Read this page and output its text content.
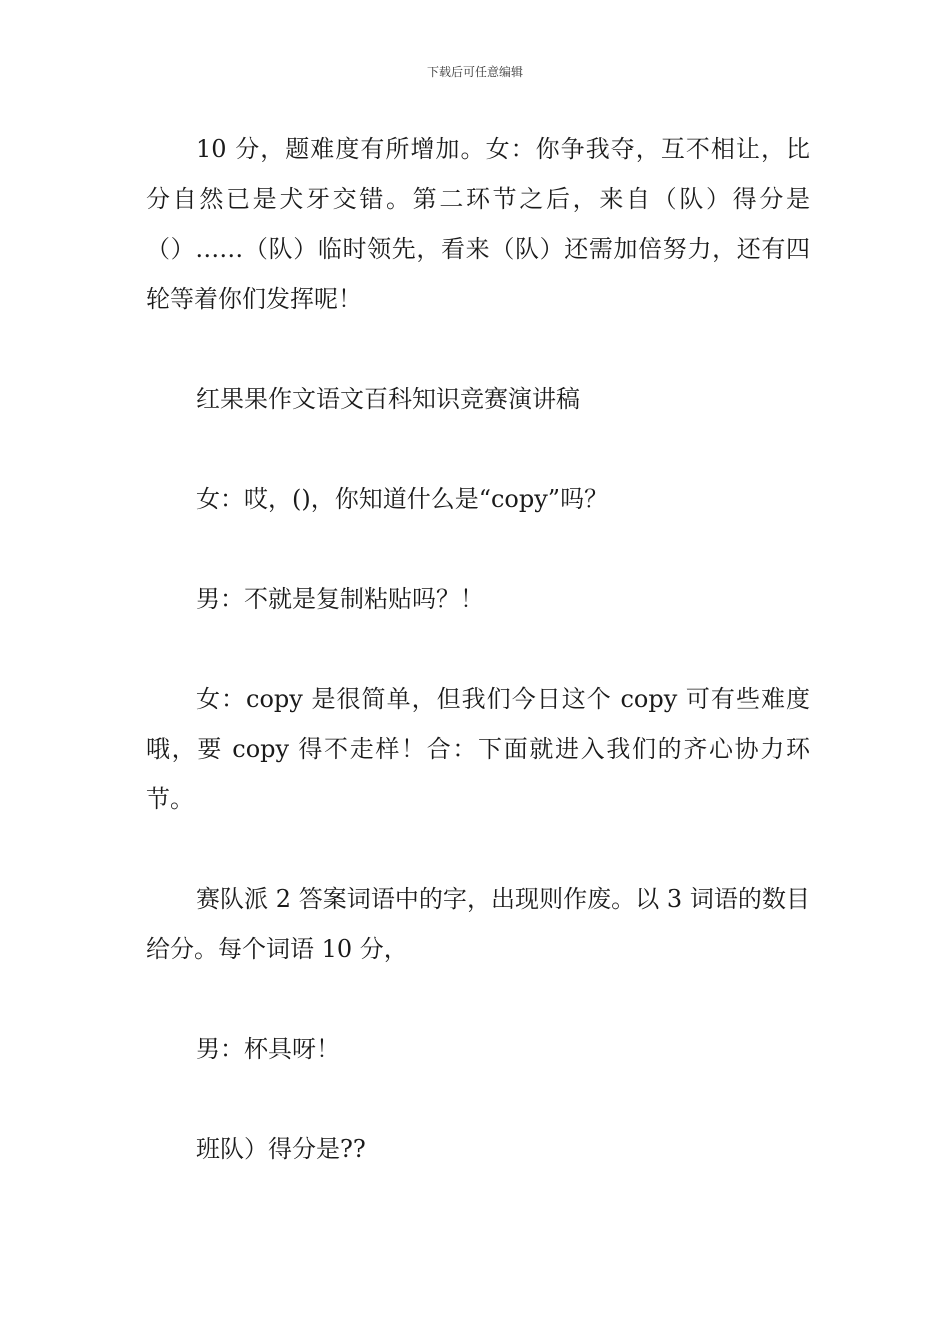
下载后可任意编辑

10 分，题难度有所增加。女：你争我夺，互不相让，比分自然已是犬牙交错。第二环节之后，来自（队）得分是（）……（队）临时领先，看来（队）还需加倍努力，还有四轮等着你们发挥呢！

红果果作文语文百科知识竞赛演讲稿

女：哎，()，你知道什么是“copy”吗？

男：不就是复制粘贴吗？！

女：copy 是很简单，但我们今日这个 copy 可有些难度哦，要 copy 得不走样！合：下面就进入我们的齐心协力环节。

赛队派 2 答案词语中的字，出现则作废。以 3 词语的数目给分。每个词语 10 分，

男：杯具呀！

班队）得分是??
